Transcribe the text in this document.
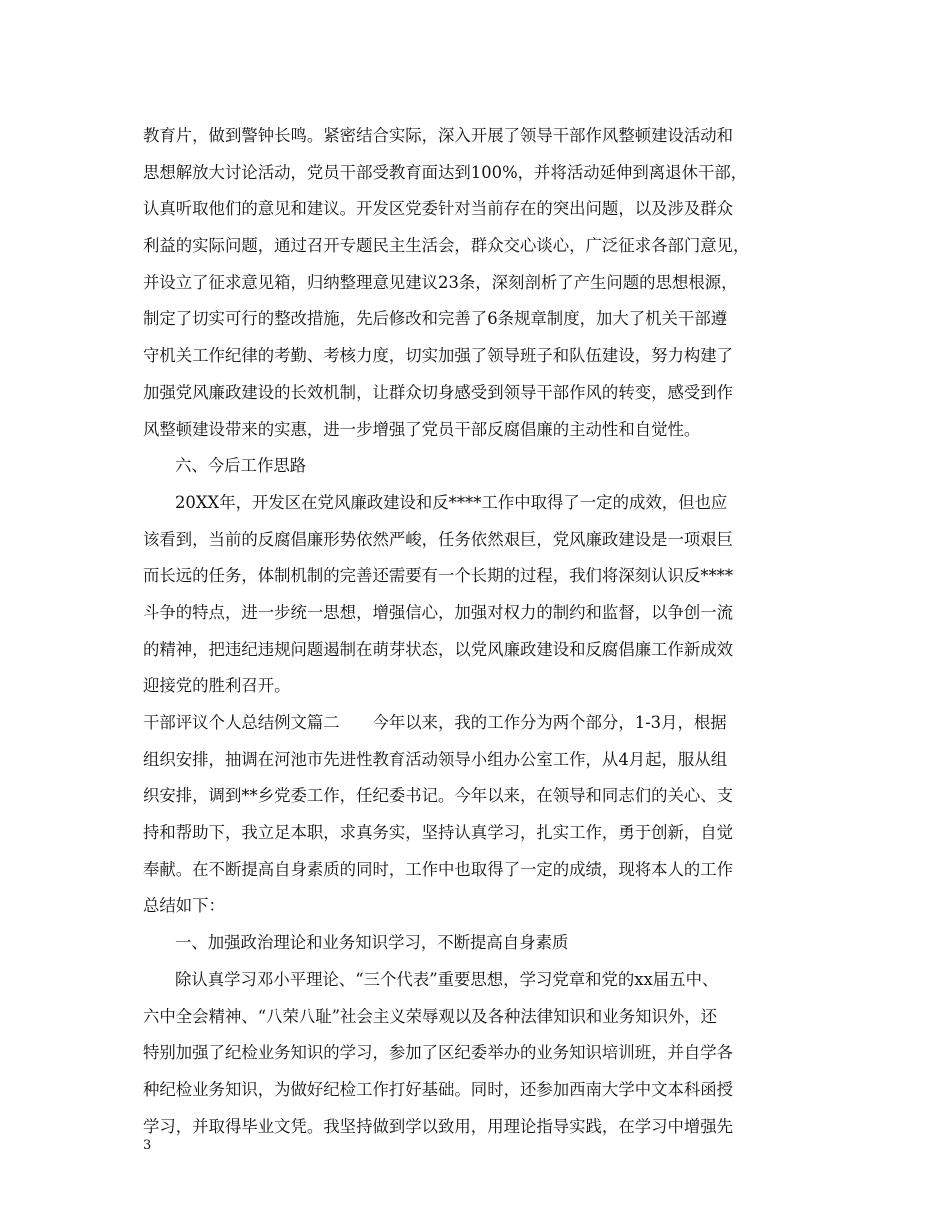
教育片，做到警钟长鸣。紧密结合实际，深入开展了领导干部作风整顿建设活动和
思想解放大讨论活动，党员干部受教育面达到100%，并将活动延伸到离退休干部，
认真听取他们的意见和建议。开发区党委针对当前存在的突出问题，以及涉及群众
利益的实际问题，通过召开专题民主生活会，群众交心谈心，广泛征求各部门意见，
并设立了征求意见箱，归纳整理意见建议23条，深刻剖析了产生问题的思想根源，
制定了切实可行的整改措施，先后修改和完善了6条规章制度，加大了机关干部遵
守机关工作纪律的考勤、考核力度，切实加强了领导班子和队伍建设，努力构建了
加强党风廉政建设的长效机制，让群众切身感受到领导干部作风的转变，感受到作
风整顿建设带来的实惠，进一步增强了党员干部反腐倡廉的主动性和自觉性。
六、今后工作思路
20XX年，开发区在党风廉政建设和反****工作中取得了一定的成效，但也应
该看到，当前的反腐倡廉形势依然严峻，任务依然艰巨，党风廉政建设是一项艰巨
而长远的任务，体制机制的完善还需要有一个长期的过程，我们将深刻认识反****
斗争的特点，进一步统一思想，增强信心，加强对权力的制约和监督，以争创一流
的精神，把违纪违规问题遏制在萌芽状态，以党风廉政建设和反腐倡廉工作新成效
迎接党的胜利召开。
干部评议个人总结例文篇二　　今年以来，我的工作分为两个部分，1-3月，根据
组织安排，抽调在河池市先进性教育活动领导小组办公室工作，从4月起，服从组
织安排，调到**乡党委工作，任纪委书记。今年以来，在领导和同志们的关心、支
持和帮助下，我立足本职，求真务实，坚持认真学习，扎实工作，勇于创新，自觉
奉献。在不断提高自身素质的同时，工作中也取得了一定的成绩，现将本人的工作
总结如下：
一、加强政治理论和业务知识学习，不断提高自身素质
除认真学习邓小平理论、“三个代表”重要思想，学习党章和党的xx届五中、
六中全会精神、“八荣八耻”社会主义荣辱观以及各种法律知识和业务知识外，还
特别加强了纪检业务知识的学习，参加了区纪委举办的业务知识培训班，并自学各
种纪检业务知识，为做好纪检工作打好基础。同时，还参加西南大学中文本科函授
学习，并取得毕业文凭。我坚持做到学以致用，用理论指导实践，在学习中增强先
3
